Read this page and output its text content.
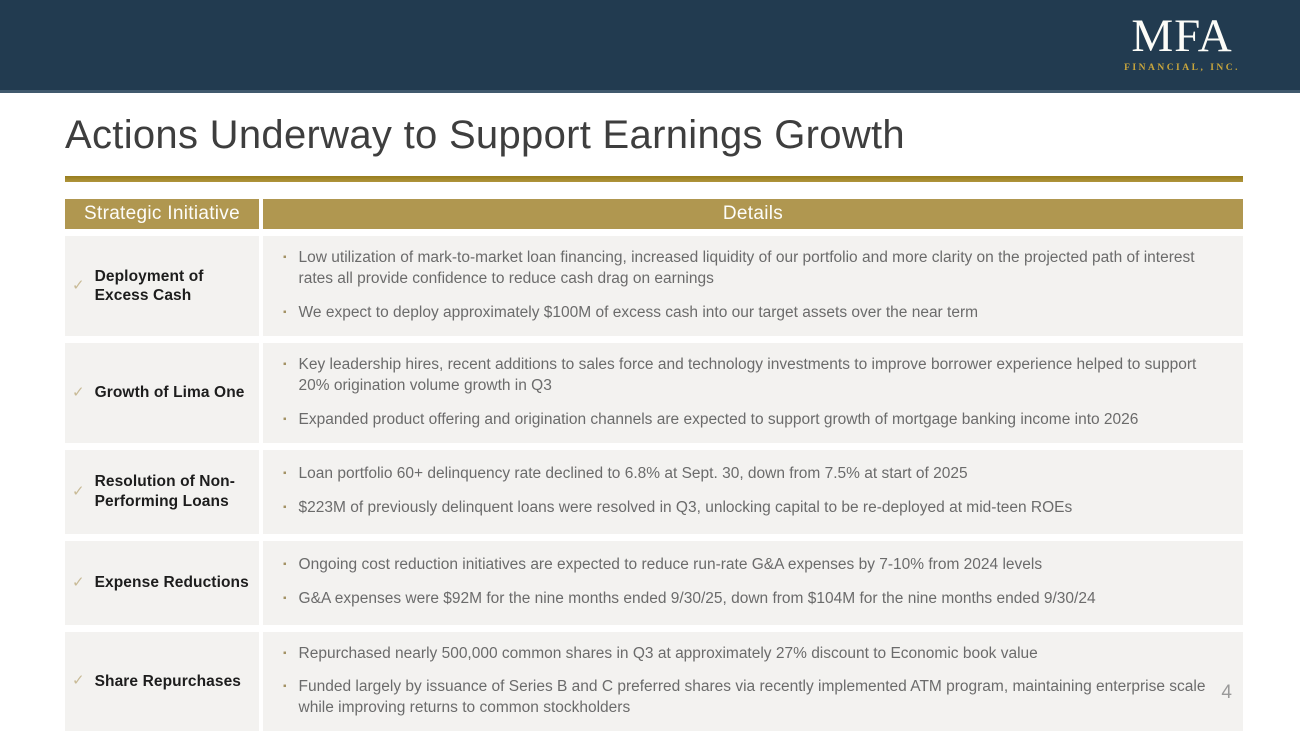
MFA
FINANCIAL, INC.
Actions Underway to Support Earnings Growth
Strategic Initiative	Details
✓
Deployment of Excess Cash
▪ Low utilization of mark-to-market loan financing, increased liquidity of our portfolio and more clarity on the projected path of interest rates all provide confidence to reduce cash drag on earnings
▪ We expect to deploy approximately $100M of excess cash into our target assets over the near term
✓ Growth of Lima One
▪ Key leadership hires, recent additions to sales force and technology investments to improve borrower experience helped to support 20% origination volume growth in Q3
▪ Expanded product offering and origination channels are expected to support growth of mortgage banking income into 2026
✓
Resolution of Non-Performing Loans
▪ Loan portfolio 60+ delinquency rate declined to 6.8% at Sept. 30, down from 7.5% at start of 2025
▪ $223M of previously delinquent loans were resolved in Q3, unlocking capital to be re-deployed at mid-teen ROEs
✓ Expense Reductions
▪ Ongoing cost reduction initiatives are expected to reduce run-rate G&A expenses by 7-10% from 2024 levels
▪ G&A expenses were $92M for the nine months ended 9/30/25, down from $104M for the nine months ended 9/30/24
✓ Share Repurchases
▪ Repurchased nearly 500,000 common shares in Q3 at approximately 27% discount to Economic book value
▪ Funded largely by issuance of Series B and C preferred shares via recently implemented ATM program, maintaining enterprise scale while improving returns to common stockholders
4
